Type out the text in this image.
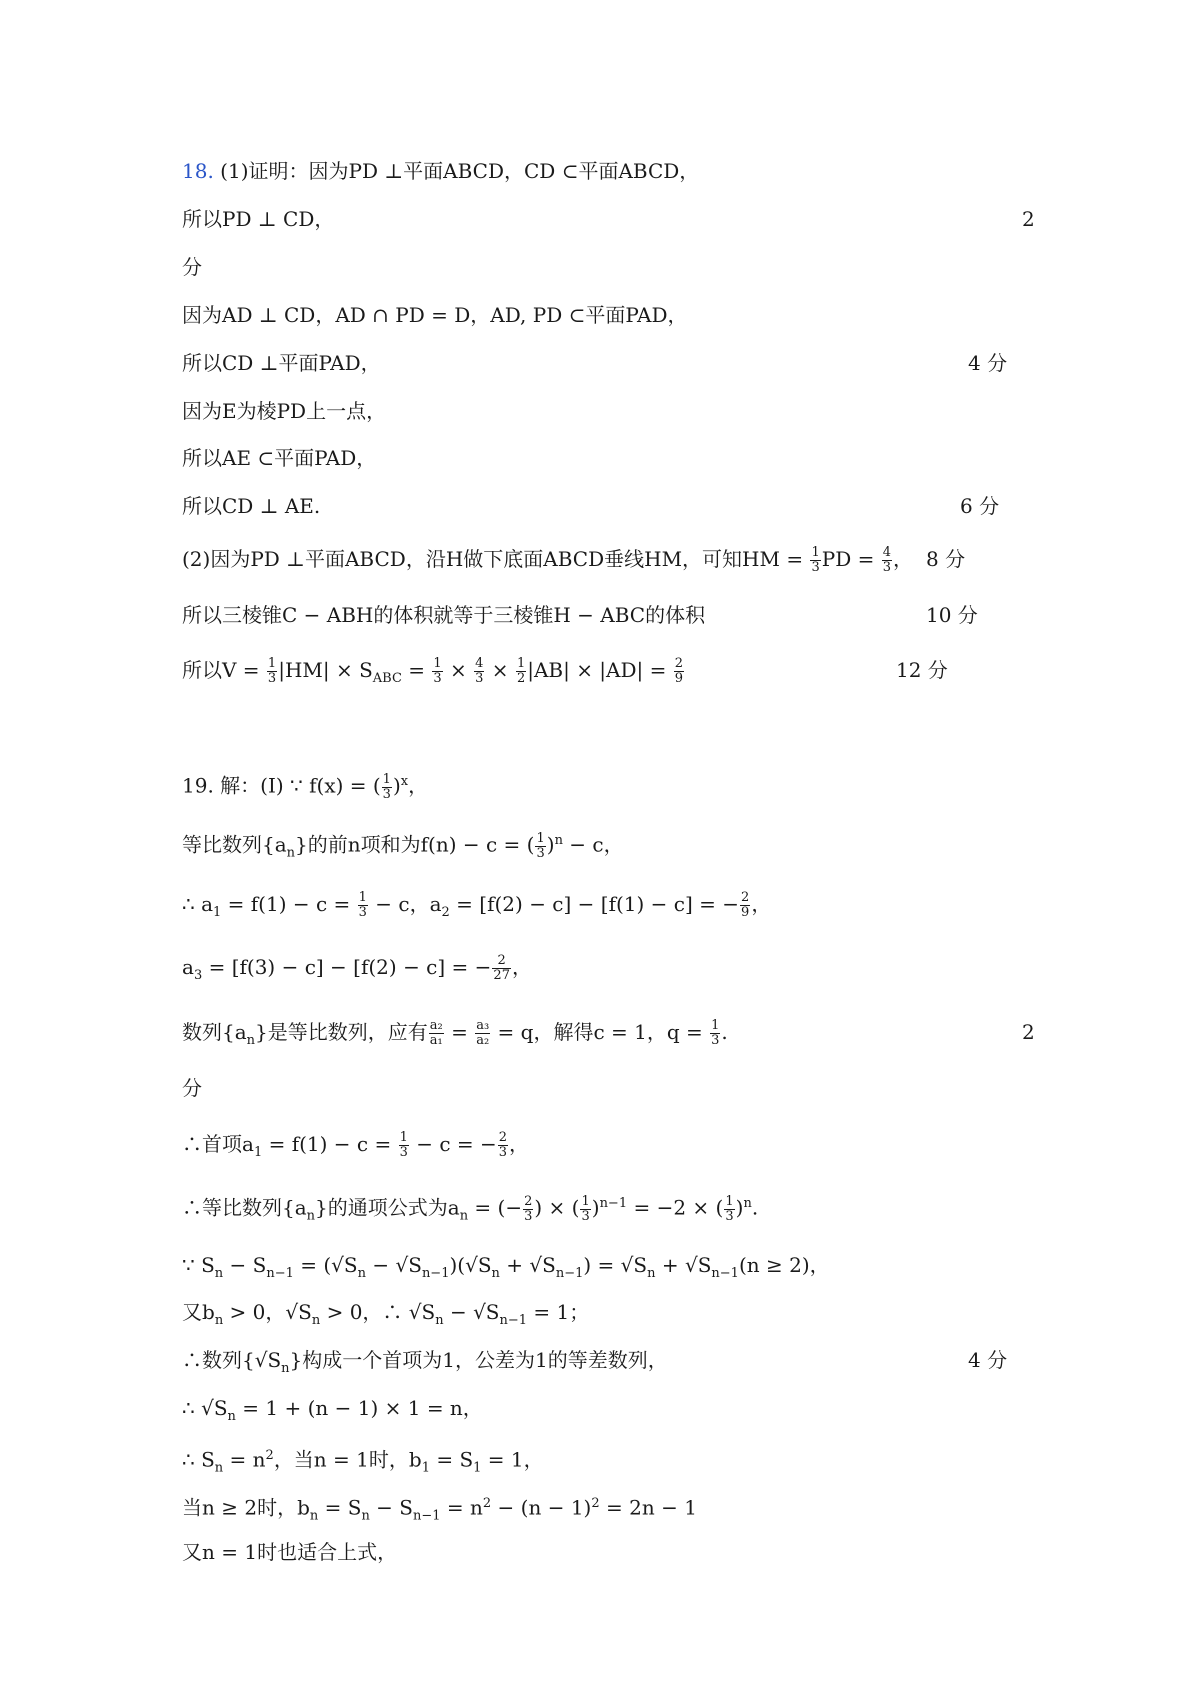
18. (1)证明：因为PD ⊥平面ABCD，CD ⊂平面ABCD，
所以PD ⊥ CD，	2
分
因为AD ⊥ CD，AD ∩ PD = D，AD, PD ⊂平面PAD，
所以CD ⊥平面PAD，	4 分
因为E为棱PD上一点，
所以AE ⊂平面PAD，
所以CD ⊥ AE.	6 分
(2)因为PD ⊥平面ABCD，沿H做下底面ABCD垂线HM，可知HM = $\frac{1}{3}$ PD = $\frac{4}{3}$ ， 8 分
所以三棱锥C − ABH的体积就等于三棱锥H − ABC的体积	10 分
所以$V = \frac{1}{3} |HM| \times S_{ABC} = \frac{1}{3} \times \frac{4}{3} \times \frac{1}{2} |AB| \times |AD| = \frac{2}{9}$	12 分
19. 解：(I) ∵ f(x) = ( $\frac{1}{3} )^x$，
等比数列$\{a_n\}$的前n项和为f(n) − c = ( $\frac{1}{3} )^n - c$，
∴ $a_1 = f(1) - c = \frac{1}{3} - c$，$a_2 = [f(2) - c] - [f(1) - c]$ = − $\frac{2}{9}$ ，
$a_3 = [f(3) - c] - [f(2) - c]$ = − $\frac{2}{27}$ ，
数列$\{a_n\}$是等比数列，应有 $\frac{\text{a₂}}{\text{a₁}} = \frac{\text{a₃}}{\text{a₂}} = q$，解得c = 1，$q = \frac{1}{3}$ .	2
分
∴首项$a_1 = f(1) - c = \frac{1}{3} - c$ = − $\frac{2}{3}$ ，
∴等比数列$\{a_n\}$的通项公式为$a_n$ = (− $\frac{2}{3}$ ) × ( $\frac{1}{3} )^{n-1} = -2$ × ( $\frac{1}{3} )^n$.
∵ $S_n - S_{n-1} = (√S_n - √S_{n-1})(√S_n + √S_{n-1}) = √S_n + √S_{n-1}(n \ge 2)$，
又$b_n > 0$，$√S_n > 0$，∴ $√S_n - √S_{n-1} = 1$；
∴数列$\{√S_n\}$构成一个首项为1，公差为1的等差数列，	4 分
∴ $√S_n = 1 + (n - 1) \times 1 = n$，
∴ $S_n = n^2$，当n = 1时，$b_1 = S_1 = 1$，
当n ≥ 2时，$b_n = S_n - S_{n-1} = n^2 - (n - 1)^2 = 2n - 1$
又n = 1时也适合上式，
